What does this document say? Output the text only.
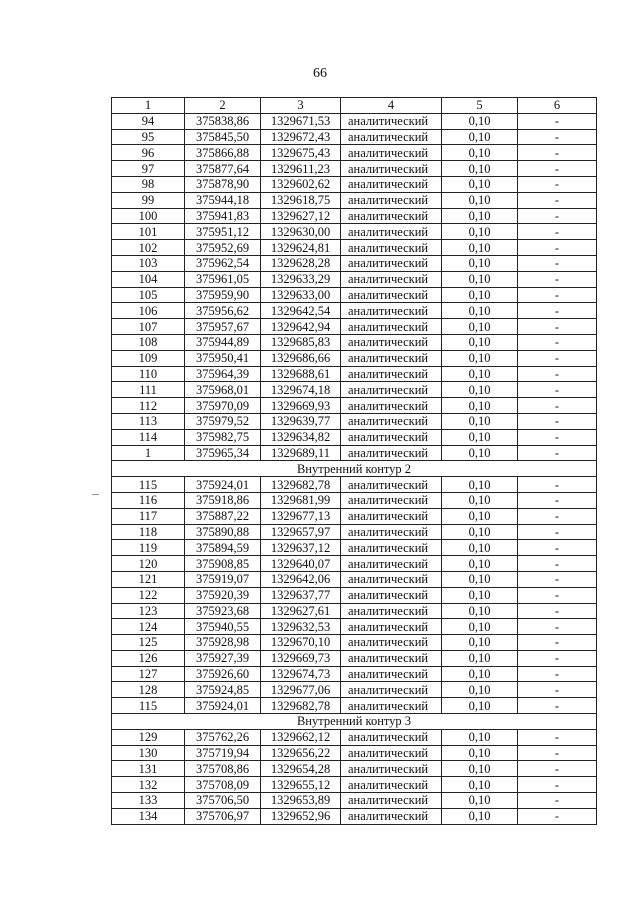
66
1	2	3	4	5	6
94	375838,86	1329671,53	аналитический	0,10	-
95	375845,50	1329672,43	аналитический	0,10	-
96	375866,88	1329675,43	аналитический	0,10	-
97	375877,64	1329611,23	аналитический	0,10	-
98	375878,90	1329602,62	аналитический	0,10	-
99	375944,18	1329618,75	аналитический	0,10	-
100	375941,83	1329627,12	аналитический	0,10	-
101	375951,12	1329630,00	аналитический	0,10	-
102	375952,69	1329624,81	аналитический	0,10	-
103	375962,54	1329628,28	аналитический	0,10	-
104	375961,05	1329633,29	аналитический	0,10	-
105	375959,90	1329633,00	аналитический	0,10	-
106	375956,62	1329642,54	аналитический	0,10	-
107	375957,67	1329642,94	аналитический	0,10	-
108	375944,89	1329685,83	аналитический	0,10	-
109	375950,41	1329686,66	аналитический	0,10	-
110	375964,39	1329688,61	аналитический	0,10	-
111	375968,01	1329674,18	аналитический	0,10	-
112	375970,09	1329669,93	аналитический	0,10	-
113	375979,52	1329639,77	аналитический	0,10	-
114	375982,75	1329634,82	аналитический	0,10	-
1	375965,34	1329689,11	аналитический	0,10	-
Внутренний контур 2					
115	375924,01	1329682,78	аналитический	0,10	-
116	375918,86	1329681,99	аналитический	0,10	-
117	375887,22	1329677,13	аналитический	0,10	-
118	375890,88	1329657,97	аналитический	0,10	-
119	375894,59	1329637,12	аналитический	0,10	-
120	375908,85	1329640,07	аналитический	0,10	-
121	375919,07	1329642,06	аналитический	0,10	-
122	375920,39	1329637,77	аналитический	0,10	-
123	375923,68	1329627,61	аналитический	0,10	-
124	375940,55	1329632,53	аналитический	0,10	-
125	375928,98	1329670,10	аналитический	0,10	-
126	375927,39	1329669,73	аналитический	0,10	-
127	375926,60	1329674,73	аналитический	0,10	-
128	375924,85	1329677,06	аналитический	0,10	-
115	375924,01	1329682,78	аналитический	0,10	-
Внутренний контур 3					
129	375762,26	1329662,12	аналитический	0,10	-
130	375719,94	1329656,22	аналитический	0,10	-
131	375708,86	1329654,28	аналитический	0,10	-
132	375708,09	1329655,12	аналитический	0,10	-
133	375706,50	1329653,89	аналитический	0,10	-
134	375706,97	1329652,96	аналитический	0,10	-
